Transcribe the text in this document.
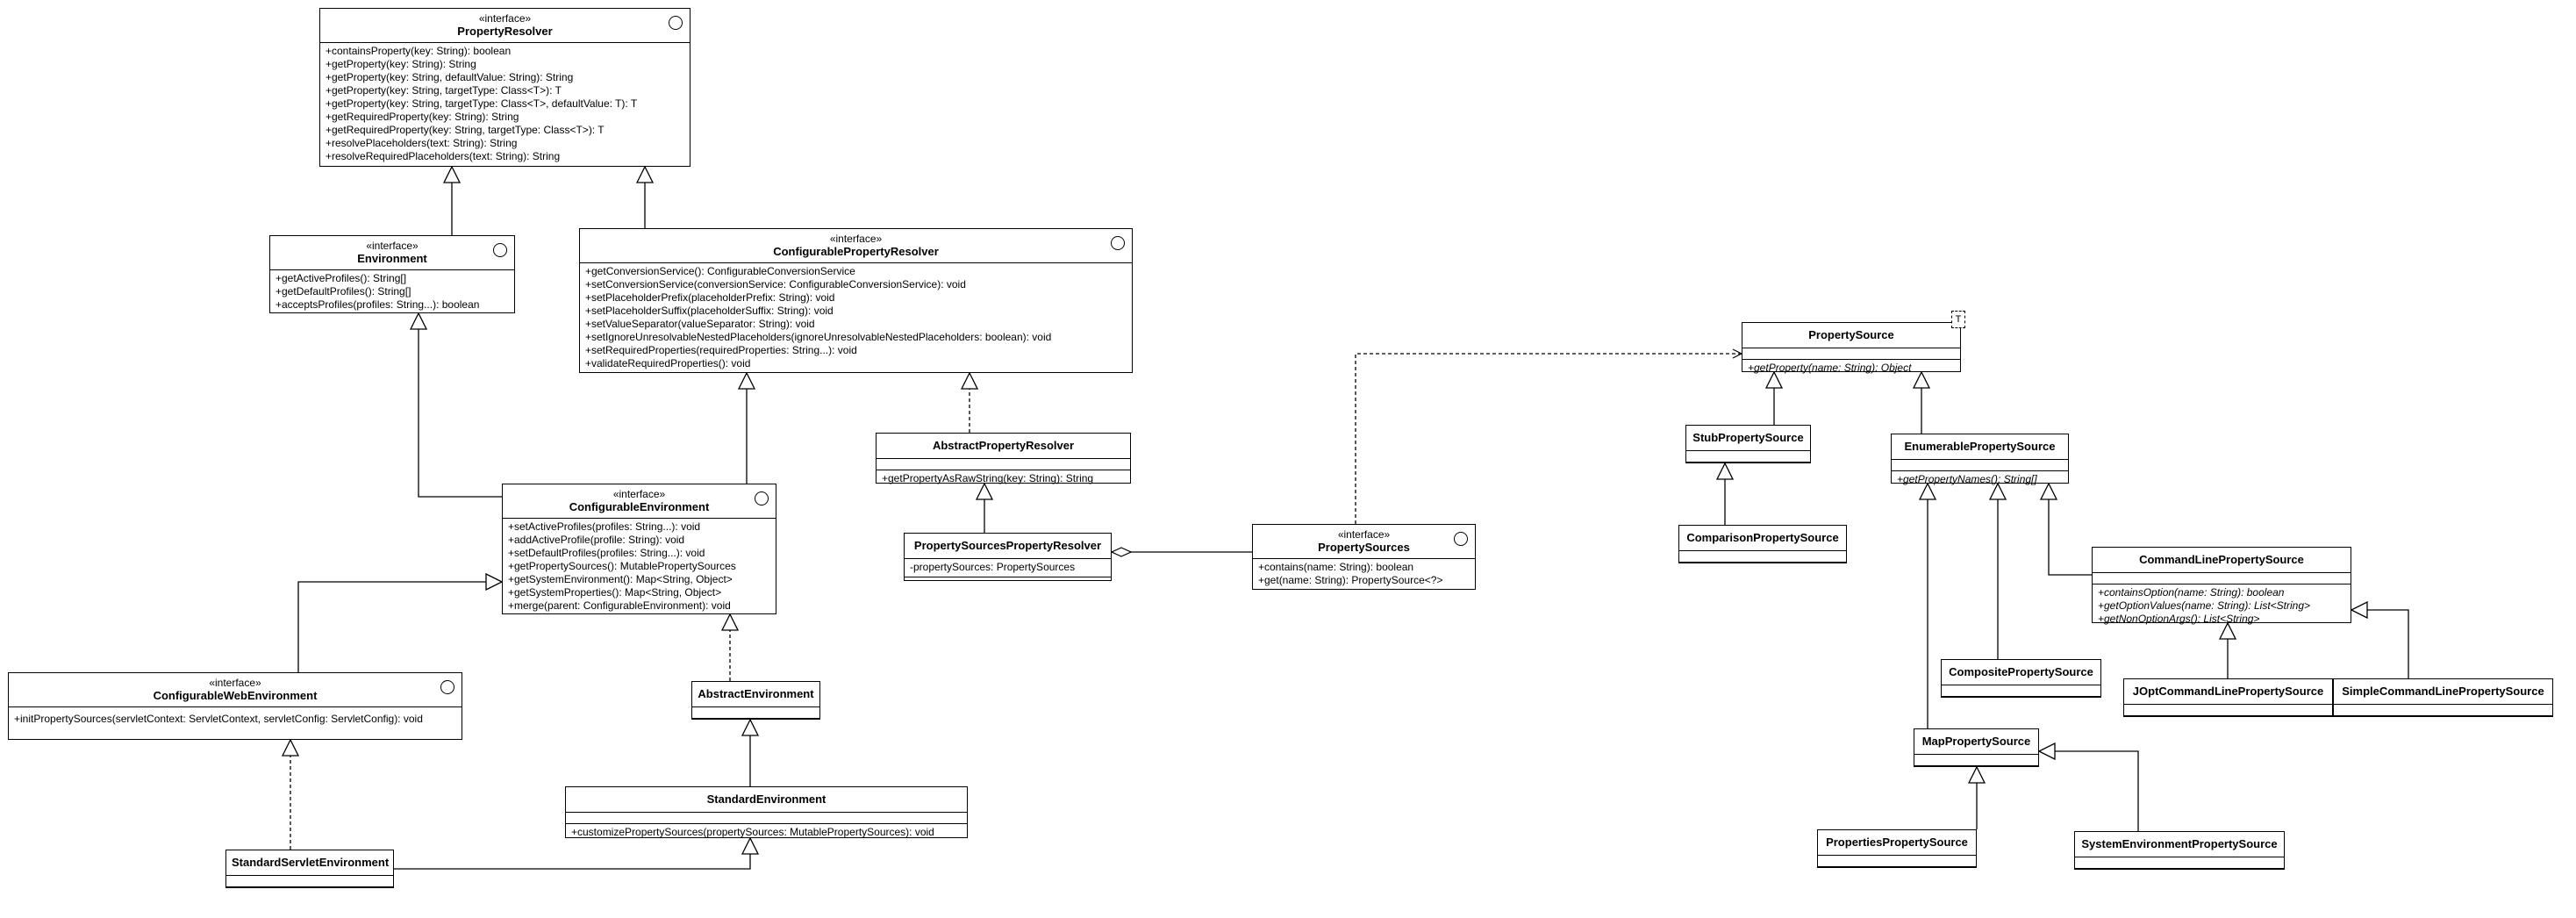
«interface»
PropertyResolver
+containsProperty(key: String): boolean
+getProperty(key: String): String
+getProperty(key: String, defaultValue: String): String
+getProperty(key: String, targetType: Class<T>): T
+getProperty(key: String, targetType: Class<T>, defaultValue: T): T
+getRequiredProperty(key: String): String
+getRequiredProperty(key: String, targetType: Class<T>): T
+resolvePlaceholders(text: String): String
+resolveRequiredPlaceholders(text: String): String
«interface»
Environment
+getActiveProfiles(): String[]
+getDefaultProfiles(): String[]
+acceptsProfiles(profiles: String...): boolean
«interface»
ConfigurablePropertyResolver
+getConversionService(): ConfigurableConversionService
+setConversionService(conversionService: ConfigurableConversionService): void
+setPlaceholderPrefix(placeholderPrefix: String): void
+setPlaceholderSuffix(placeholderSuffix: String): void
+setValueSeparator(valueSeparator: String): void
+setIgnoreUnresolvableNestedPlaceholders(ignoreUnresolvableNestedPlaceholders: boolean): void
+setRequiredProperties(requiredProperties: String...): void
+validateRequiredProperties(): void
AbstractPropertyResolver
+getPropertyAsRawString(key: String): String
«interface»
ConfigurableEnvironment
+setActiveProfiles(profiles: String...): void
+addActiveProfile(profile: String): void
+setDefaultProfiles(profiles: String...): void
+getPropertySources(): MutablePropertySources
+getSystemEnvironment(): Map<String, Object>
+getSystemProperties(): Map<String, Object>
+merge(parent: ConfigurableEnvironment): void
PropertySourcesPropertyResolver
-propertySources: PropertySources
«interface»
PropertySources
+contains(name: String): boolean
+get(name: String): PropertySource<?>
«interface»
ConfigurableWebEnvironment
+initPropertySources(servletContext: ServletContext, servletConfig: ServletConfig): void
AbstractEnvironment
StandardEnvironment
+customizePropertySources(propertySources: MutablePropertySources): void
StandardServletEnvironment
T
PropertySource
+getProperty(name: String): Object
StubPropertySource
ComparisonPropertySource
EnumerablePropertySource
+getPropertyNames(): String[]
CommandLinePropertySource
+containsOption(name: String): boolean
+getOptionValues(name: String): List<String>
+getNonOptionArgs(): List<String>
CompositePropertySource
JOptCommandLinePropertySource SimpleCommandLinePropertySource
MapPropertySource
PropertiesPropertySource	SystemEnvironmentPropertySource
